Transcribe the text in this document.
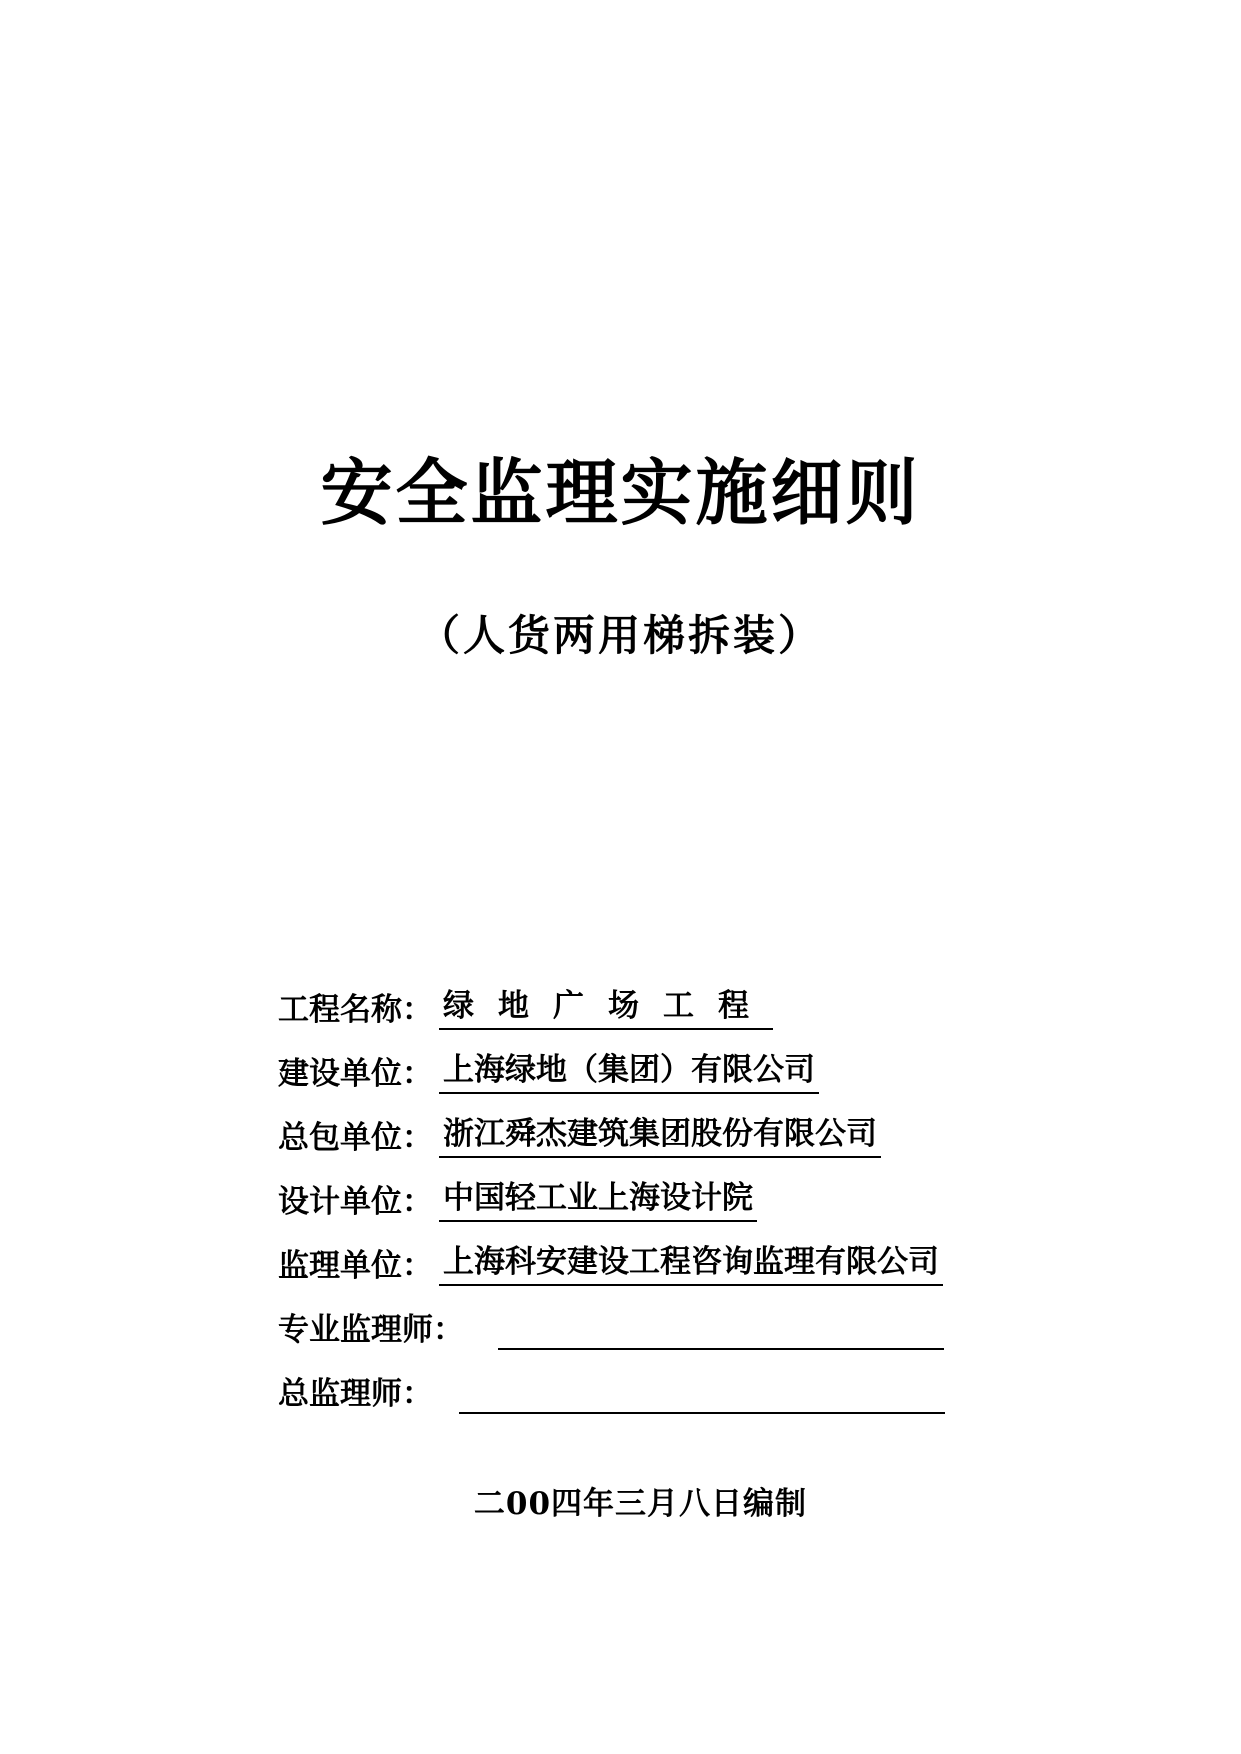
安全监理实施细则
（人货两用梯拆装）
工程名称： 绿地广场工程
建设单位： 上海绿地（集团）有限公司
总包单位： 浙江舜杰建筑集团股份有限公司
设计单位： 中国轻工业上海设计院
监理单位： 上海科安建设工程咨询监理有限公司
专业监理师：
总监理师：

二00四年三月八日编制
